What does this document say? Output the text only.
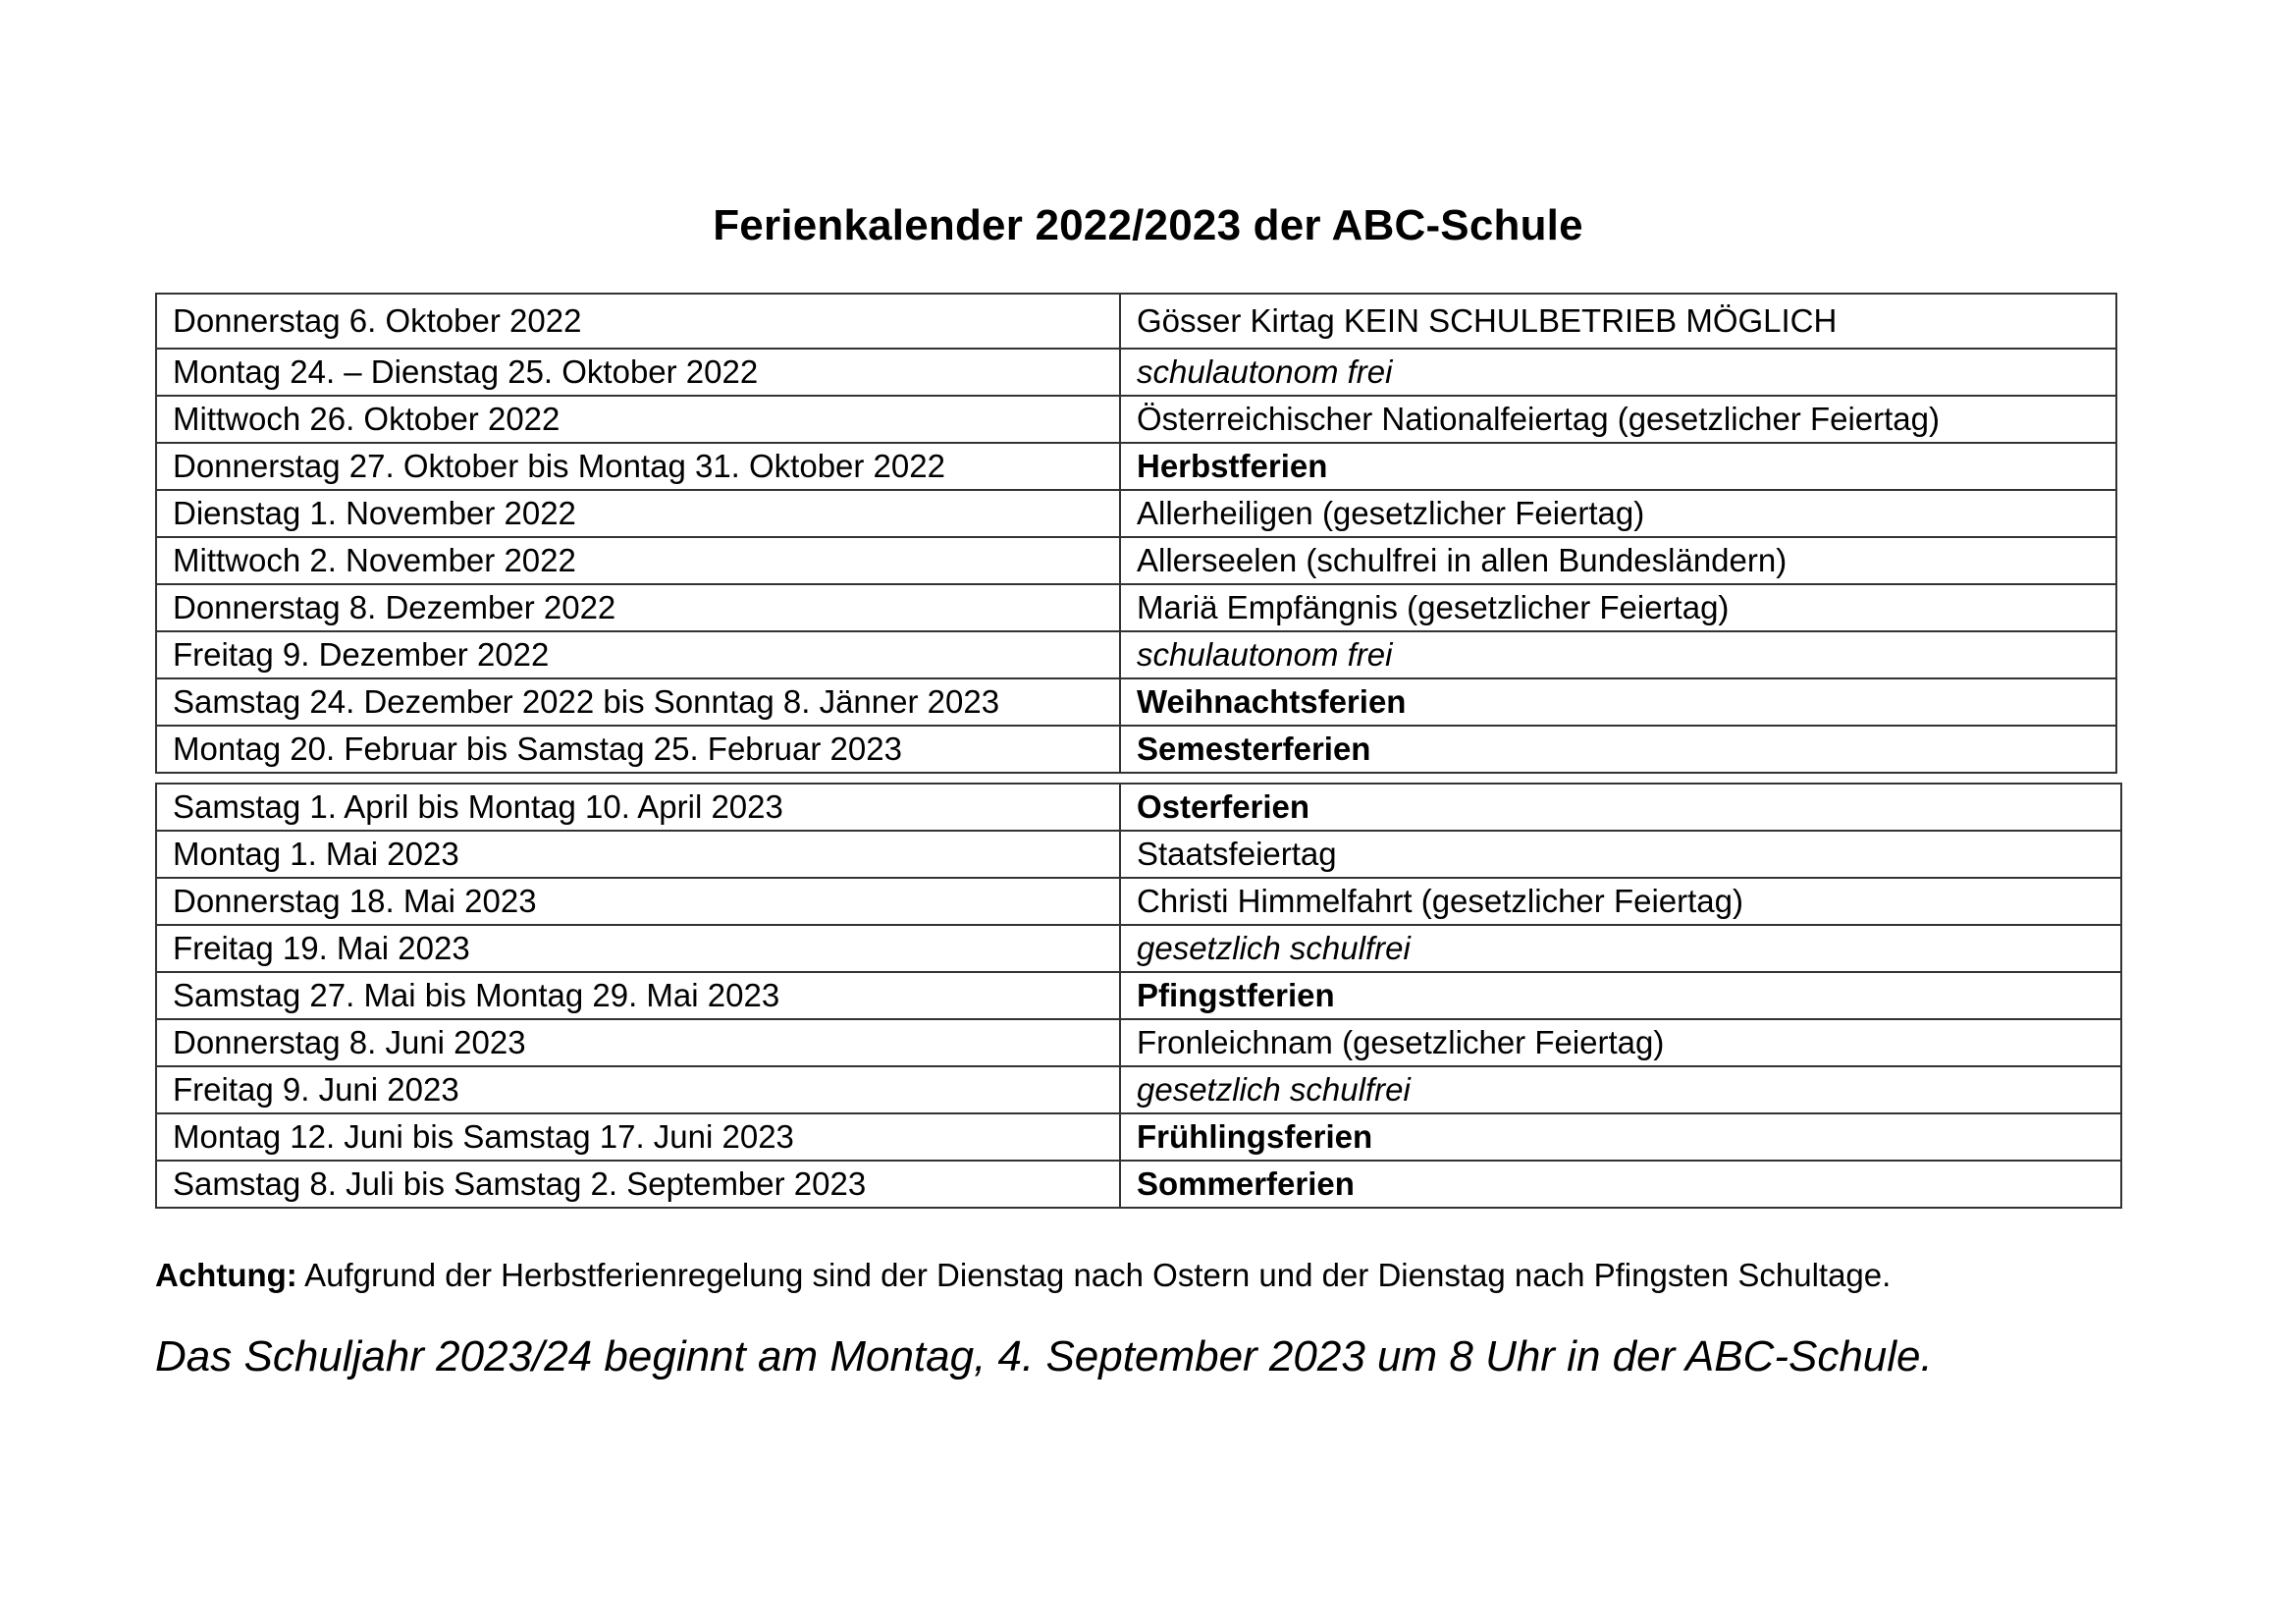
Ferienkalender 2022/2023 der ABC-Schule
Donnerstag 6. Oktober 2022	Gösser Kirtag KEIN SCHULBETRIEB MÖGLICH
Montag 24. – Dienstag 25. Oktober 2022	schulautonom frei
Mittwoch 26. Oktober 2022	Österreichischer Nationalfeiertag (gesetzlicher Feiertag)
Donnerstag 27. Oktober bis Montag 31. Oktober 2022	Herbstferien
Dienstag 1. November 2022	Allerheiligen (gesetzlicher Feiertag)
Mittwoch 2. November 2022	Allerseelen (schulfrei in allen Bundesländern)
Donnerstag 8. Dezember 2022	Mariä Empfängnis (gesetzlicher Feiertag)
Freitag 9. Dezember 2022	schulautonom frei
Samstag 24. Dezember 2022 bis Sonntag 8. Jänner 2023	Weihnachtsferien
Montag 20. Februar bis Samstag 25. Februar 2023	Semesterferien
Samstag 1. April bis Montag 10. April 2023	Osterferien
Montag 1. Mai 2023	Staatsfeiertag
Donnerstag 18. Mai 2023	Christi Himmelfahrt (gesetzlicher Feiertag)
Freitag 19. Mai 2023	gesetzlich schulfrei
Samstag 27. Mai bis Montag 29. Mai 2023	Pfingstferien
Donnerstag 8. Juni 2023	Fronleichnam (gesetzlicher Feiertag)
Freitag 9. Juni 2023	gesetzlich schulfrei
Montag 12. Juni bis Samstag 17. Juni 2023	Frühlingsferien
Samstag 8. Juli bis Samstag 2. September 2023	Sommerferien
Achtung: Aufgrund der Herbstferienregelung sind der Dienstag nach Ostern und der Dienstag nach Pfingsten Schultage.
Das Schuljahr 2023/24 beginnt am Montag, 4. September 2023 um 8 Uhr in der ABC-Schule.
